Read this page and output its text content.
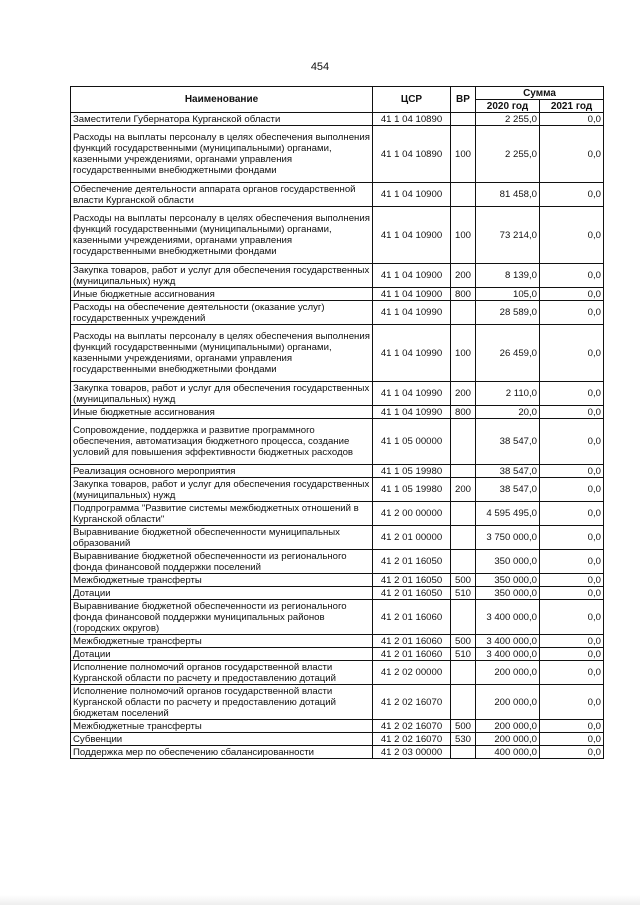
454
Наименование	ЦСР	ВР	Сумма	
			2020 год	2021 год
Заместители Губернатора Курганской области	41 1 04 10890		2 255,0	0,0
Расходы на выплаты персоналу в целях обеспечения выполнения функций государственными (муниципальными) органами, казенными учреждениями, органами управления государственными внебюджетными фондами	41 1 04 10890	100	2 255,0	0,0
Обеспечение деятельности аппарата органов государственной власти Курганской области	41 1 04 10900		81 458,0	0,0
Расходы на выплаты персоналу в целях обеспечения выполнения функций государственными (муниципальными) органами, казенными учреждениями, органами управления государственными внебюджетными фондами	41 1 04 10900	100	73 214,0	0,0
Закупка товаров, работ и услуг для обеспечения государственных (муниципальных) нужд	41 1 04 10900	200	8 139,0	0,0
Иные бюджетные ассигнования	41 1 04 10900	800	105,0	0,0
Расходы на обеспечение деятельности (оказание услуг) государственных учреждений	41 1 04 10990		28 589,0	0,0
Расходы на выплаты персоналу в целях обеспечения выполнения функций государственными (муниципальными) органами, казенными учреждениями, органами управления государственными внебюджетными фондами	41 1 04 10990	100	26 459,0	0,0
Закупка товаров, работ и услуг для обеспечения государственных (муниципальных) нужд	41 1 04 10990	200	2 110,0	0,0
Иные бюджетные ассигнования	41 1 04 10990	800	20,0	0,0
Сопровождение, поддержка и развитие программного обеспечения, автоматизация бюджетного процесса, создание условий для повышения эффективности бюджетных расходов	41 1 05 00000		38 547,0	0,0
Реализация основного мероприятия	41 1 05 19980		38 547,0	0,0
Закупка товаров, работ и услуг для обеспечения государственных (муниципальных) нужд	41 1 05 19980	200	38 547,0	0,0
Подпрограмма "Развитие системы межбюджетных отношений в Курганской области"	41 2 00 00000		4 595 495,0	0,0
Выравнивание бюджетной обеспеченности муниципальных образований	41 2 01 00000		3 750 000,0	0,0
Выравнивание бюджетной обеспеченности из регионального фонда финансовой поддержки поселений	41 2 01 16050		350 000,0	0,0
Межбюджетные трансферты	41 2 01 16050	500	350 000,0	0,0
Дотации	41 2 01 16050	510	350 000,0	0,0
Выравнивание бюджетной обеспеченности из регионального фонда финансовой поддержки муниципальных районов (городских округов)	41 2 01 16060		3 400 000,0	0,0
Межбюджетные трансферты	41 2 01 16060	500	3 400 000,0	0,0
Дотации	41 2 01 16060	510	3 400 000,0	0,0
Исполнение полномочий органов государственной власти Курганской области по расчету и предоставлению дотаций	41 2 02 00000		200 000,0	0,0
Исполнение полномочий органов государственной власти Курганской области по расчету и предоставлению дотаций бюджетам поселений	41 2 02 16070		200 000,0	0,0
Межбюджетные трансферты	41 2 02 16070	500	200 000,0	0,0
Субвенции	41 2 02 16070	530	200 000,0	0,0
Поддержка мер по обеспечению сбалансированности	41 2 03 00000		400 000,0	0,0
